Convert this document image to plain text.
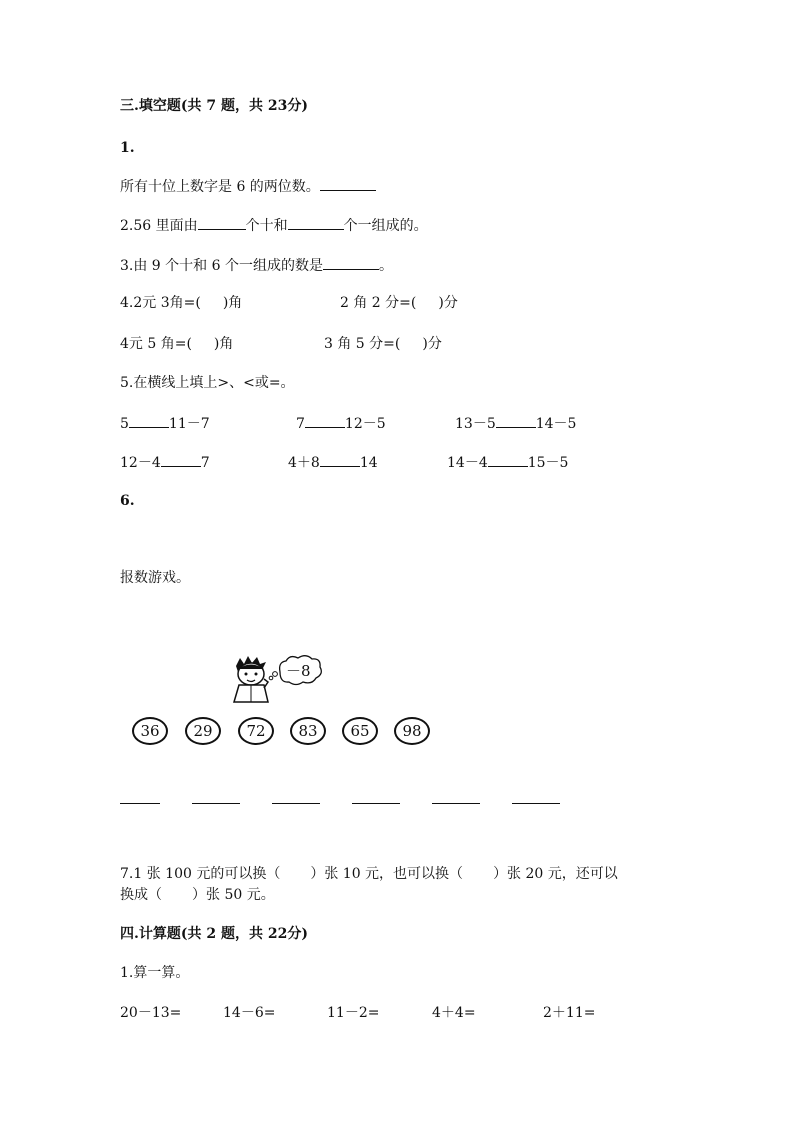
三.填空题(共 7 题，共 23分)
1.
所有十位上数字是 6 的两位数。
2.56 里面由	个十和	个一组成的。
3.由 9 个十和 6 个一组成的数是	。
4.2元 3角=( )角	2 角 2 分=( )分
4元 5 角=( )角	3 角 5 分=( )分
5.在横线上填上>、<或=。
5	11－7	7	12－5	13－5	14－5
12－4	7	4＋8	14	14－4	15－5
6.
报数游戏。
－8
36	29	72	83	65	98
7.1 张 100 元的可以换（ ）张 10 元，也可以换（ ）张 20 元，还可以
换成（ ）张 50 元。
四.计算题(共 2 题，共 22分)
1.算一算。
20－13=	14－6=	11－2=	4＋4=	2＋11=
